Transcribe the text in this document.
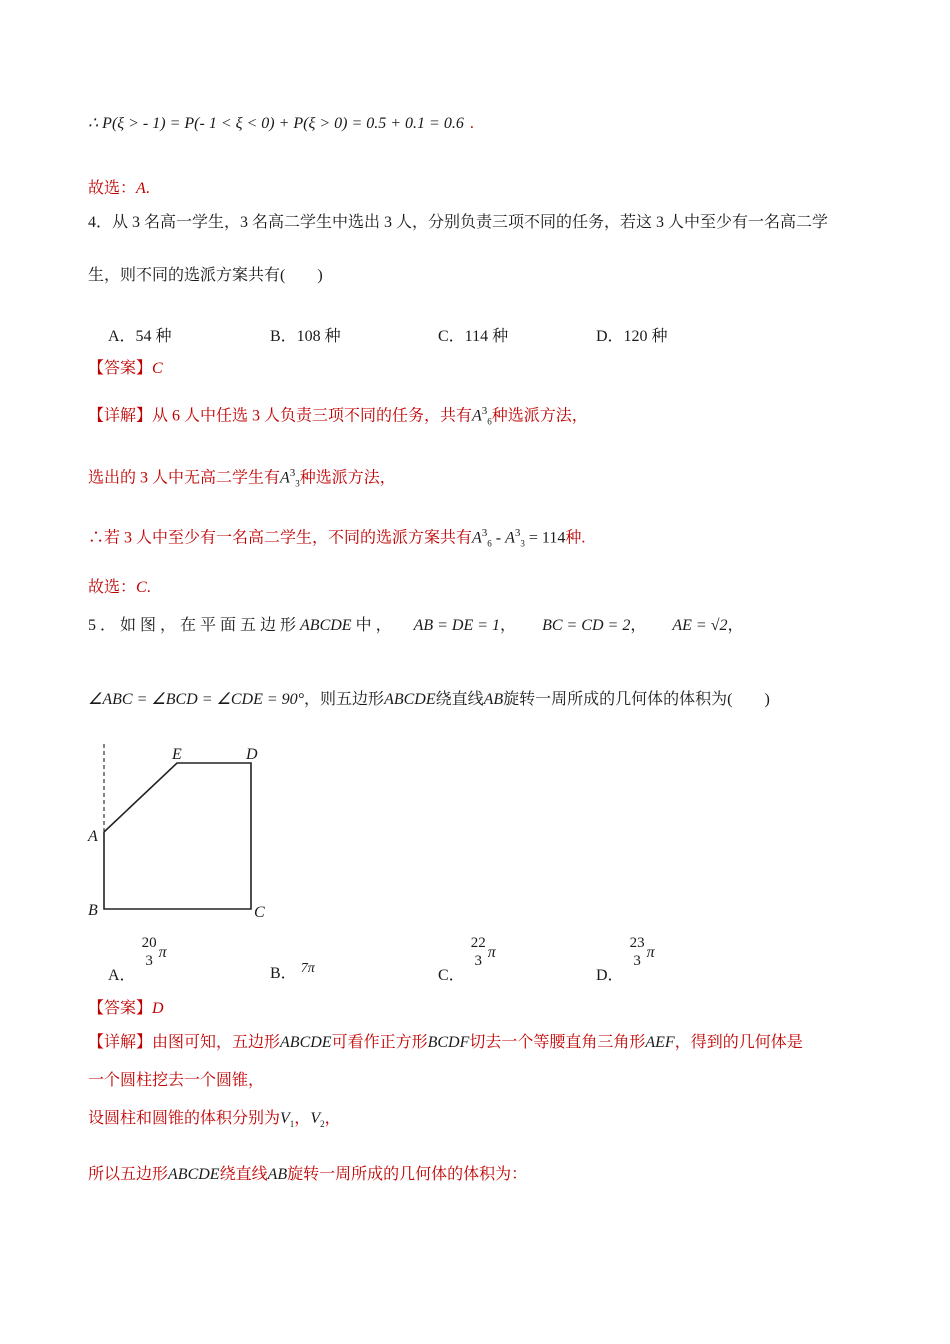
∴ P(ξ > - 1) = P(- 1 < ξ < 0) + P(ξ > 0) = 0.5 + 0.1 = 0.6 .
故选：A.
4．从 3 名高一学生，3 名高二学生中选出 3 人，分别负责三项不同的任务，若这 3 人中至少有一名高二学
生，则不同的选派方案共有(　　)
A．54 种	B．108 种	C．114 种	D．120 种
【答案】C
【详解】从 6 人中任选 3 人负责三项不同的任务，共有$A^3_6$种选派方法，
选出的 3 人中无高二学生有$A^3_3$种选派方法，
∴若 3 人中至少有一名高二学生，不同的选派方案共有$A^3_6 - A^3_3 = 114$种.
故选：C.
5 ． 如 图 ， 在 平 面 五 边 形 ABCDE 中 ， AB = DE = 1， BC = CD = 2， AE = √2，
∠ABC = ∠BCD = ∠CDE = 90°，则五边形ABCDE绕直线AB旋转一周所成的几何体的体积为(　　)
A
B	C
D
E
A．
20
3 π
B． 7π	C．
22
3 π
D．
23
3 π
【答案】D
【详解】由图可知，五边形ABCDE可看作正方形BCDF切去一个等腰直角三角形AEF，得到的几何体是
一个圆柱挖去一个圆锥，
设圆柱和圆锥的体积分别为$V_1$，$V_2$，
所以五边形ABCDE绕直线AB旋转一周所成的几何体的体积为：
